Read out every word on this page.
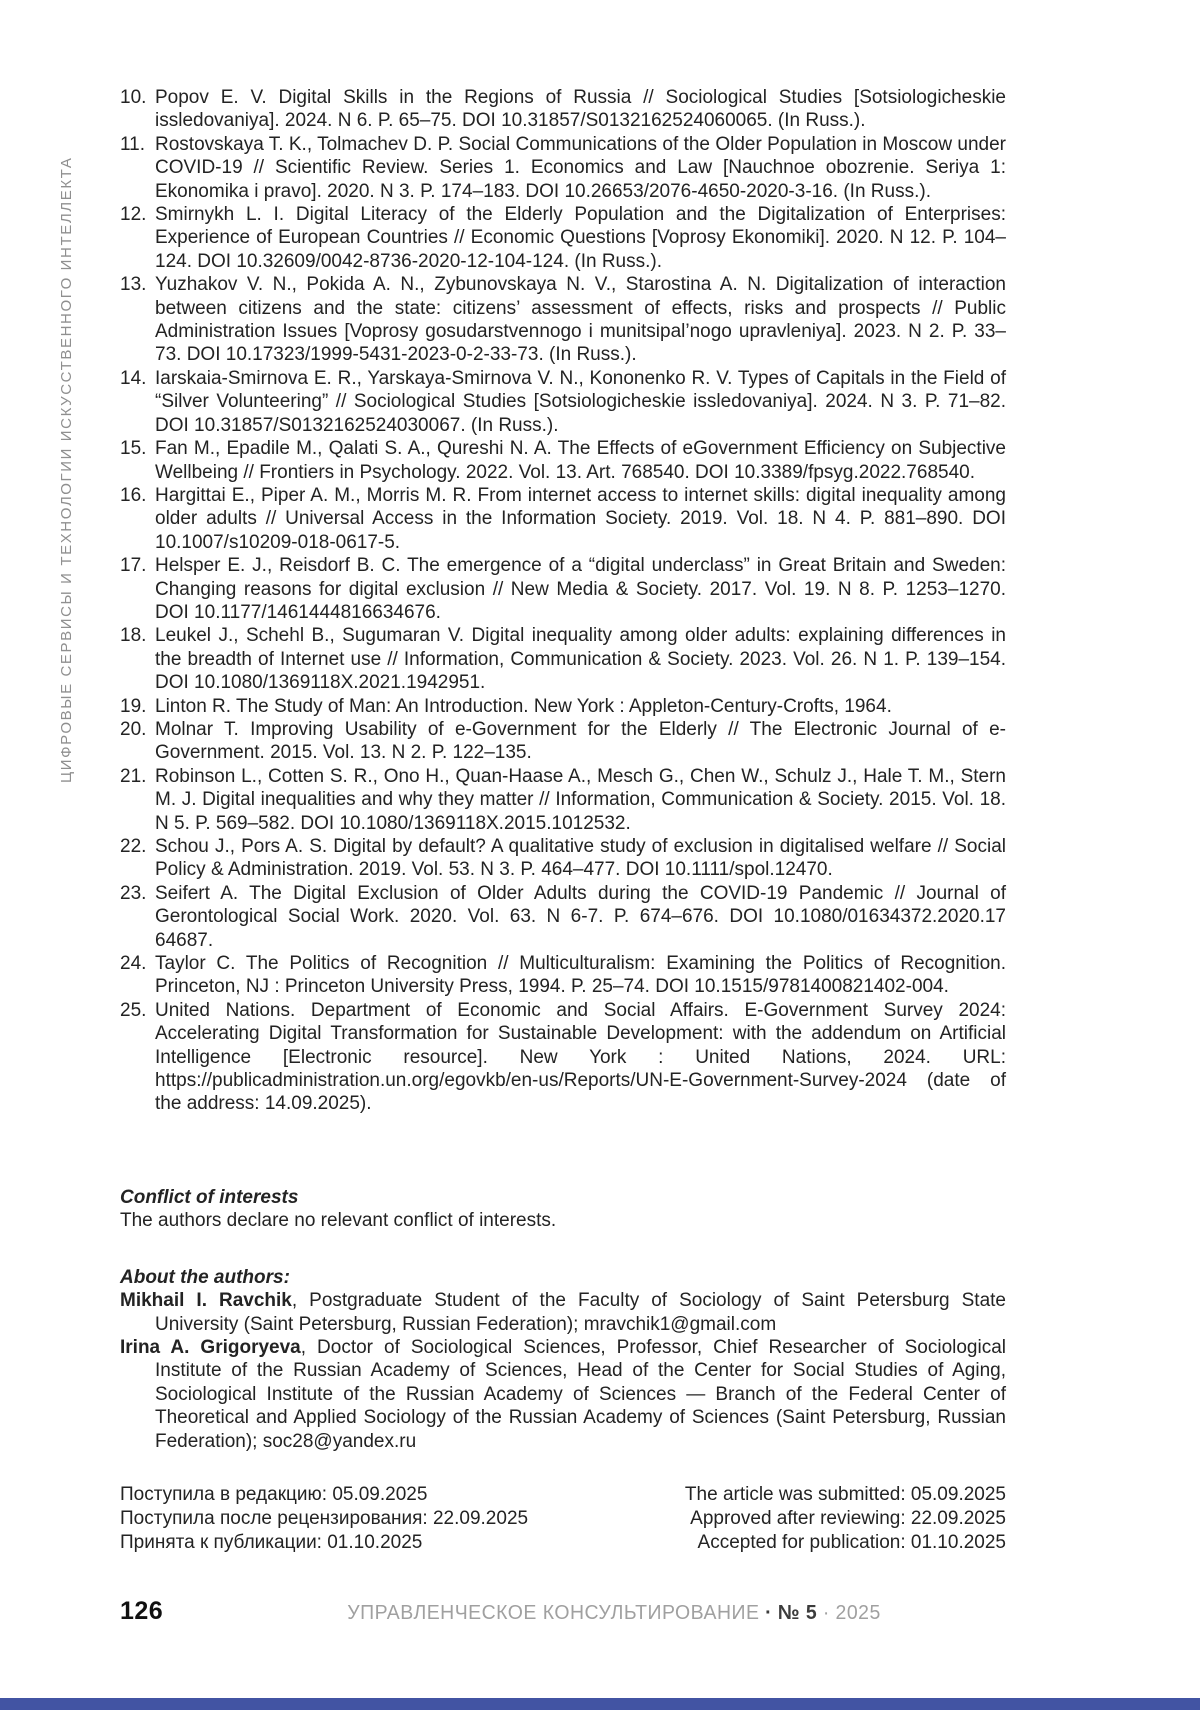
ЦИФРОВЫЕ СЕРВИСЫ И ТЕХНОЛОГИИ ИСКУССТВЕННОГО ИНТЕЛЛЕКТА
10. Popov E. V. Digital Skills in the Regions of Russia // Sociological Studies [Sotsiologicheskie issledovaniya]. 2024. N 6. P. 65–75. DOI 10.31857/S0132162524060065. (In Russ.).
11. Rostovskaya T. K., Tolmachev D. P. Social Communications of the Older Population in Moscow under COVID-19 // Scientific Review. Series 1. Economics and Law [Nauchnoe obozrenie. Seriya 1: Ekonomika i pravo]. 2020. N 3. P. 174–183. DOI 10.26653/2076-4650-2020-3-16. (In Russ.).
12. Smirnykh L. I. Digital Literacy of the Elderly Population and the Digitalization of Enterprises: Experience of European Countries // Economic Questions [Voprosy Ekonomiki]. 2020. N 12. P. 104–124. DOI 10.32609/0042-8736-2020-12-104-124. (In Russ.).
13. Yuzhakov V. N., Pokida A. N., Zybunovskaya N. V., Starostina A. N. Digitalization of interaction between citizens and the state: citizens’ assessment of effects, risks and prospects // Public Administration Issues [Voprosy gosudarstvennogo i munitsipal’nogo upravleniya]. 2023. N 2. P. 33–73. DOI 10.17323/1999-5431-2023-0-2-33-73. (In Russ.).
14. Iarskaia-Smirnova E. R., Yarskaya-Smirnova V. N., Kononenko R. V. Types of Capitals in the Field of “Silver Volunteering” // Sociological Studies [Sotsiologicheskie issledovaniya]. 2024. N 3. P. 71–82. DOI 10.31857/S0132162524030067. (In Russ.).
15. Fan M., Epadile M., Qalati S. A., Qureshi N. A. The Effects of eGovernment Efficiency on Subjective Wellbeing // Frontiers in Psychology. 2022. Vol. 13. Art. 768540. DOI 10.3389/fpsyg.2022.768540.
16. Hargittai E., Piper A. M., Morris M. R. From internet access to internet skills: digital inequality among older adults // Universal Access in the Information Society. 2019. Vol. 18. N 4. P. 881–890. DOI 10.1007/s10209-018-0617-5.
17. Helsper E. J., Reisdorf B. C. The emergence of a “digital underclass” in Great Britain and Sweden: Changing reasons for digital exclusion // New Media & Society. 2017. Vol. 19. N 8. P. 1253–1270. DOI 10.1177/1461444816634676.
18. Leukel J., Schehl B., Sugumaran V. Digital inequality among older adults: explaining differences in the breadth of Internet use // Information, Communication & Society. 2023. Vol. 26. N 1. P. 139–154. DOI 10.1080/1369118X.2021.1942951.
19. Linton R. The Study of Man: An Introduction. New York : Appleton-Century-Crofts, 1964.
20. Molnar T. Improving Usability of e-Government for the Elderly // The Electronic Journal of e-Government. 2015. Vol. 13. N 2. P. 122–135.
21. Robinson L., Cotten S. R., Ono H., Quan-Haase A., Mesch G., Chen W., Schulz J., Hale T. M., Stern M. J. Digital inequalities and why they matter // Information, Communication & Society. 2015. Vol. 18. N 5. P. 569–582. DOI 10.1080/1369118X.2015.1012532.
22. Schou J., Pors A. S. Digital by default? A qualitative study of exclusion in digitalised welfare // Social Policy & Administration. 2019. Vol. 53. N 3. P. 464–477. DOI 10.1111/spol.12470.
23. Seifert A. The Digital Exclusion of Older Adults during the COVID-19 Pandemic // Journal of Gerontological Social Work. 2020. Vol. 63. N 6-7. P. 674–676. DOI 10.1080/01634372.2020.17 64687.
24. Taylor C. The Politics of Recognition // Multiculturalism: Examining the Politics of Recognition. Princeton, NJ : Princeton University Press, 1994. P. 25–74. DOI 10.1515/9781400821402-004.
25. United Nations. Department of Economic and Social Affairs. E-Government Survey 2024: Accelerating Digital Transformation for Sustainable Development: with the addendum on Artificial Intelligence [Electronic resource]. New York : United Nations, 2024. URL: https://publicadministration.un.org/egovkb/en-us/Reports/UN-E-Government-Survey-2024 (date of the address: 14.09.2025).
Conflict of interests
The authors declare no relevant conflict of interests.
About the authors:
Mikhail I. Ravchik, Postgraduate Student of the Faculty of Sociology of Saint Petersburg State University (Saint Petersburg, Russian Federation); mravchik1@gmail.com
Irina A. Grigoryeva, Doctor of Sociological Sciences, Professor, Chief Researcher of Sociological Institute of the Russian Academy of Sciences, Head of the Center for Social Studies of Aging, Sociological Institute of the Russian Academy of Sciences — Branch of the Federal Center of Theoretical and Applied Sociology of the Russian Academy of Sciences (Saint Petersburg, Russian Federation); soc28@yandex.ru
Поступила в редакцию: 05.09.2025
Поступила после рецензирования: 22.09.2025
Принята к публикации: 01.10.2025
The article was submitted: 05.09.2025
Approved after reviewing: 22.09.2025
Accepted for publication: 01.10.2025
126	УПРАВЛЕНЧЕСКОЕ КОНСУЛЬТИРОВАНИЕ · № 5 · 2025
